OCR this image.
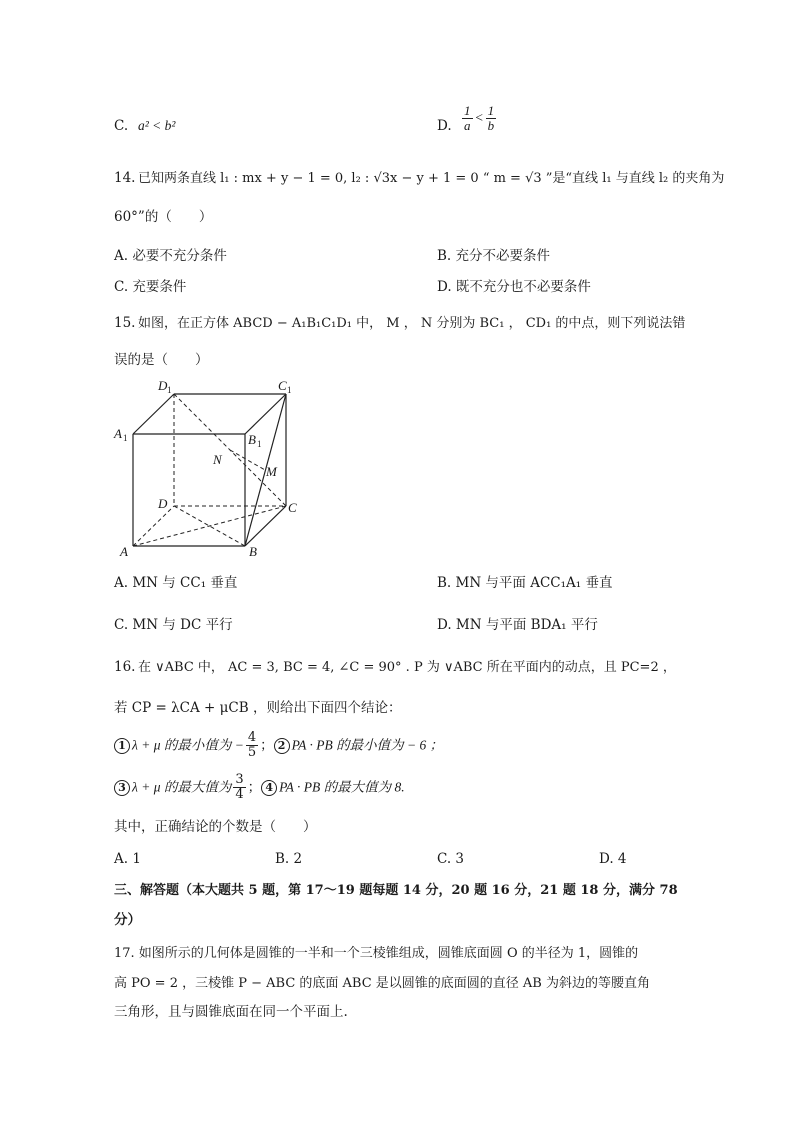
C. a² < b²	D. $\frac{1}{a} < \frac{1}{b}$
14. 已知两条直线 l₁ : mx + y − 1 = 0, l₂ : √3x − y + 1 = 0 “ m = √3 ”是“直线 l₁ 与直线 l₂ 的夹角为
60°”的（　　）
A. 必要不充分条件	B. 充分不必要条件
C. 充要条件	D. 既不充分也不必要条件
15. 如图，在正方体 ABCD − A₁B₁C₁D₁ 中， M ， N 分别为 BC₁ ， CD₁ 的中点，则下列说法错
误的是（　　）
D 1	C 1
A 1	B 1
N
M
D	C
A	B
A. MN 与 CC₁ 垂直	B. MN 与平面 ACC₁A₁ 垂直
C. MN 与 DC 平行	D. MN 与平面 BDA₁ 平行
16. 在 ∨ABC 中， AC = 3, BC = 4, ∠C = 90° . P 为 ∨ABC 所在平面内的动点，且 PC=2 ，
若 CP = λCA + μCB ，则给出下面四个结论：
1 λ + μ 的最小值为 − $\frac{4}{5}$ ； 2 PA · PB 的最小值为 − 6 ；
3 λ + μ 的最大值为 $\frac{3}{4}$ ； 4 PA · PB 的最大值为 8.
其中，正确结论的个数是（　　）
A. 1	B. 2	C. 3	D. 4
三、解答题（本大题共 5 题，第 17～19 题每题 14 分，20 题 16 分，21 题 18 分，满分 78
分）
17. 如图所示的几何体是圆锥的一半和一个三棱锥组成，圆锥底面圆 O 的半径为 1，圆锥的
高 PO = 2 ，三棱锥 P − ABC 的底面 ABC 是以圆锥的底面圆的直径 AB 为斜边的等腰直角
三角形，且与圆锥底面在同一个平面上.
